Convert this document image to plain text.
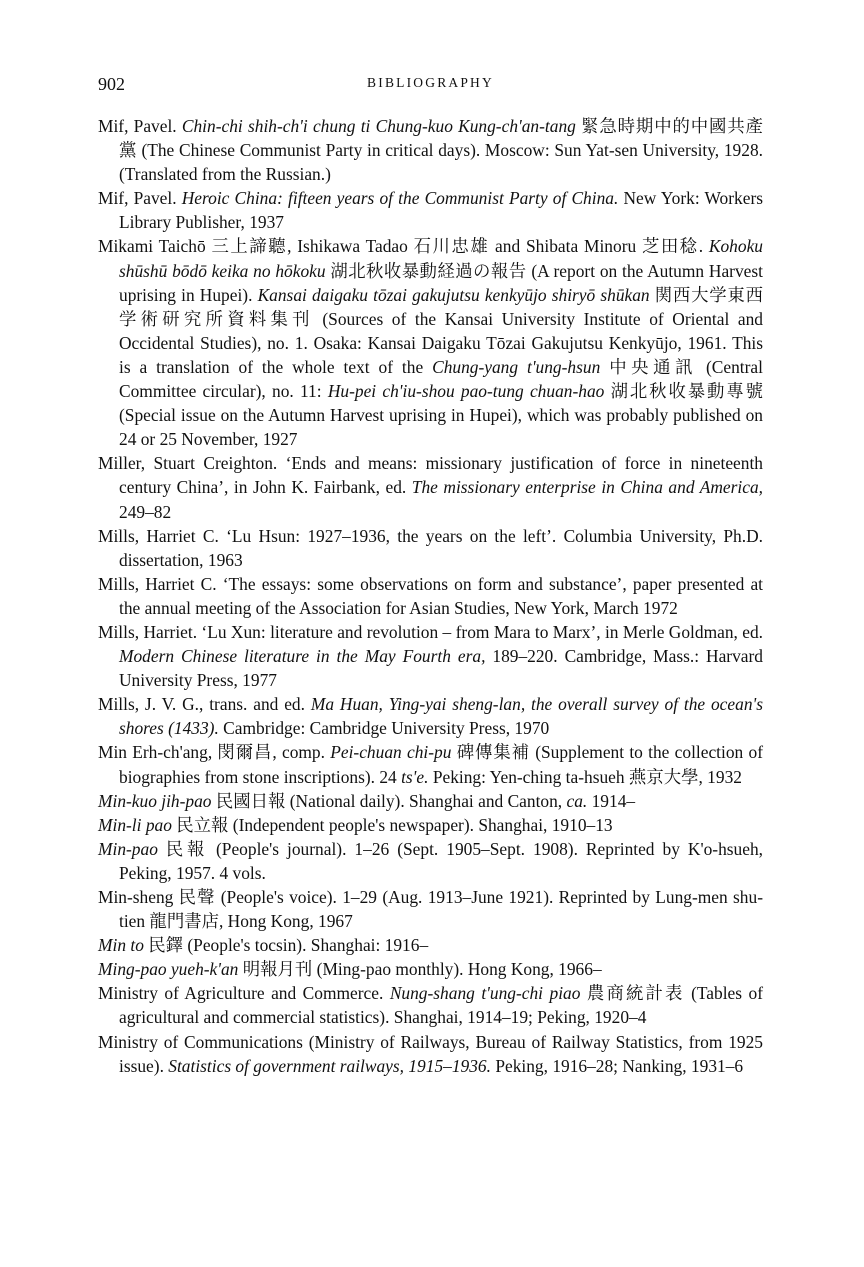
902	BIBLIOGRAPHY
Mif, Pavel. Chin-chi shih-ch'i chung ti Chung-kuo Kung-ch'an-tang 緊急時期中的中國共產黨 (The Chinese Communist Party in critical days). Moscow: Sun Yat-sen University, 1928. (Translated from the Russian.)
Mif, Pavel. Heroic China: fifteen years of the Communist Party of China. New York: Workers Library Publisher, 1937
Mikami Taichō 三上諦聽, Ishikawa Tadao 石川忠雄 and Shibata Minoru 芝田稔. Kohoku shūshū bōdō keika no hōkoku 湖北秋收暴動経過の報告 (A report on the Autumn Harvest uprising in Hupei). Kansai daigaku tōzai gakujutsu kenkyūjo shiryō shūkan 関西大学東西学術研究所資料集刊 (Sources of the Kansai University Institute of Oriental and Occidental Studies), no. 1. Osaka: Kansai Daigaku Tōzai Gakujutsu Kenkyūjo, 1961. This is a translation of the whole text of the Chung-yang t'ung-hsun 中央通訊 (Central Committee circular), no. 11: Hu-pei ch'iu-shou pao-tung chuan-hao 湖北秋收暴動專號 (Special issue on the Autumn Harvest uprising in Hupei), which was probably published on 24 or 25 November, 1927
Miller, Stuart Creighton. ‘Ends and means: missionary justification of force in nineteenth century China’, in John K. Fairbank, ed. The missionary enterprise in China and America, 249–82
Mills, Harriet C. ‘Lu Hsun: 1927–1936, the years on the left’. Columbia University, Ph.D. dissertation, 1963
Mills, Harriet C. ‘The essays: some observations on form and substance’, paper presented at the annual meeting of the Association for Asian Studies, New York, March 1972
Mills, Harriet. ‘Lu Xun: literature and revolution – from Mara to Marx’, in Merle Goldman, ed. Modern Chinese literature in the May Fourth era, 189–220. Cambridge, Mass.: Harvard University Press, 1977
Mills, J. V. G., trans. and ed. Ma Huan, Ying-yai sheng-lan, the overall survey of the ocean's shores (1433). Cambridge: Cambridge University Press, 1970
Min Erh-ch'ang, 閔爾昌, comp. Pei-chuan chi-pu 碑傳集補 (Supplement to the collection of biographies from stone inscriptions). 24 ts'e. Peking: Yen-ching ta-hsueh 燕京大學, 1932
Min-kuo jih-pao 民國日報 (National daily). Shanghai and Canton, ca. 1914–
Min-li pao 民立報 (Independent people's newspaper). Shanghai, 1910–13
Min-pao 民報 (People's journal). 1–26 (Sept. 1905–Sept. 1908). Reprinted by K'o-hsueh, Peking, 1957. 4 vols.
Min-sheng 民聲 (People's voice). 1–29 (Aug. 1913–June 1921). Reprinted by Lung-men shu-tien 龍門書店, Hong Kong, 1967
Min to 民鐸 (People's tocsin). Shanghai: 1916–
Ming-pao yueh-k'an 明報月刊 (Ming-pao monthly). Hong Kong, 1966–
Ministry of Agriculture and Commerce. Nung-shang t'ung-chi piao 農商統計表 (Tables of agricultural and commercial statistics). Shanghai, 1914–19; Peking, 1920–4
Ministry of Communications (Ministry of Railways, Bureau of Railway Statistics, from 1925 issue). Statistics of government railways, 1915–1936. Peking, 1916–28; Nanking, 1931–6
